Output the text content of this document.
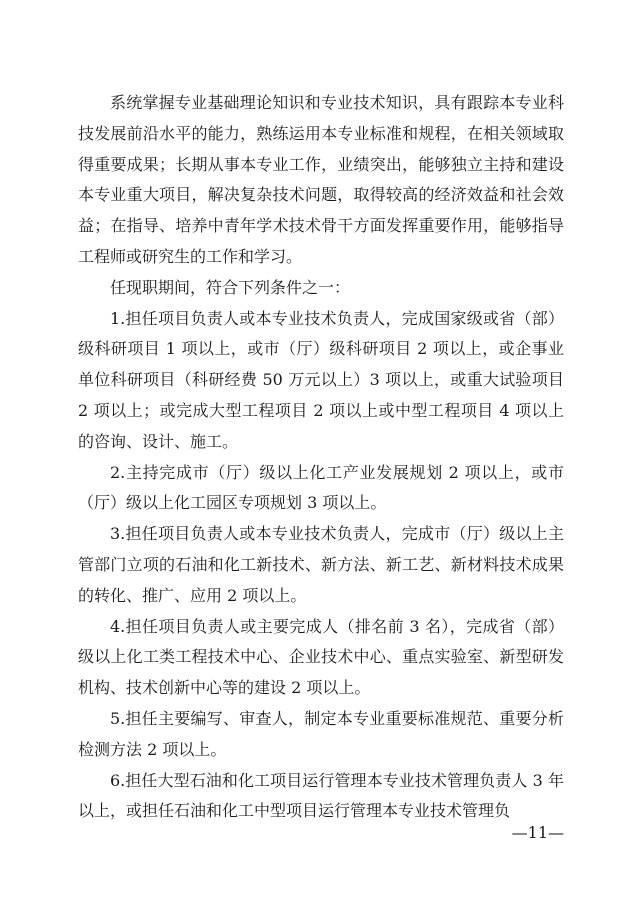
系统掌握专业基础理论知识和专业技术知识，具有跟踪本专业科技发展前沿水平的能力，熟练运用本专业标准和规程，在相关领域取得重要成果；长期从事本专业工作，业绩突出，能够独立主持和建设本专业重大项目，解决复杂技术问题，取得较高的经济效益和社会效益；在指导、培养中青年学术技术骨干方面发挥重要作用，能够指导工程师或研究生的工作和学习。

任现职期间，符合下列条件之一：

1.担任项目负责人或本专业技术负责人，完成国家级或省（部）级科研项目 1 项以上，或市（厅）级科研项目 2 项以上，或企事业单位科研项目（科研经费 50 万元以上）3 项以上，或重大试验项目 2 项以上；或完成大型工程项目 2 项以上或中型工程项目 4 项以上的咨询、设计、施工。

2.主持完成市（厅）级以上化工产业发展规划 2 项以上，或市（厅）级以上化工园区专项规划 3 项以上。

3.担任项目负责人或本专业技术负责人，完成市（厅）级以上主管部门立项的石油和化工新技术、新方法、新工艺、新材料技术成果的转化、推广、应用 2 项以上。

4.担任项目负责人或主要完成人（排名前 3 名），完成省（部）级以上化工类工程技术中心、企业技术中心、重点实验室、新型研发机构、技术创新中心等的建设 2 项以上。

5.担任主要编写、审查人，制定本专业重要标准规范、重要分析检测方法 2 项以上。

6.担任大型石油和化工项目运行管理本专业技术管理负责人 3 年以上，或担任石油和化工中型项目运行管理本专业技术管理负

—11—
